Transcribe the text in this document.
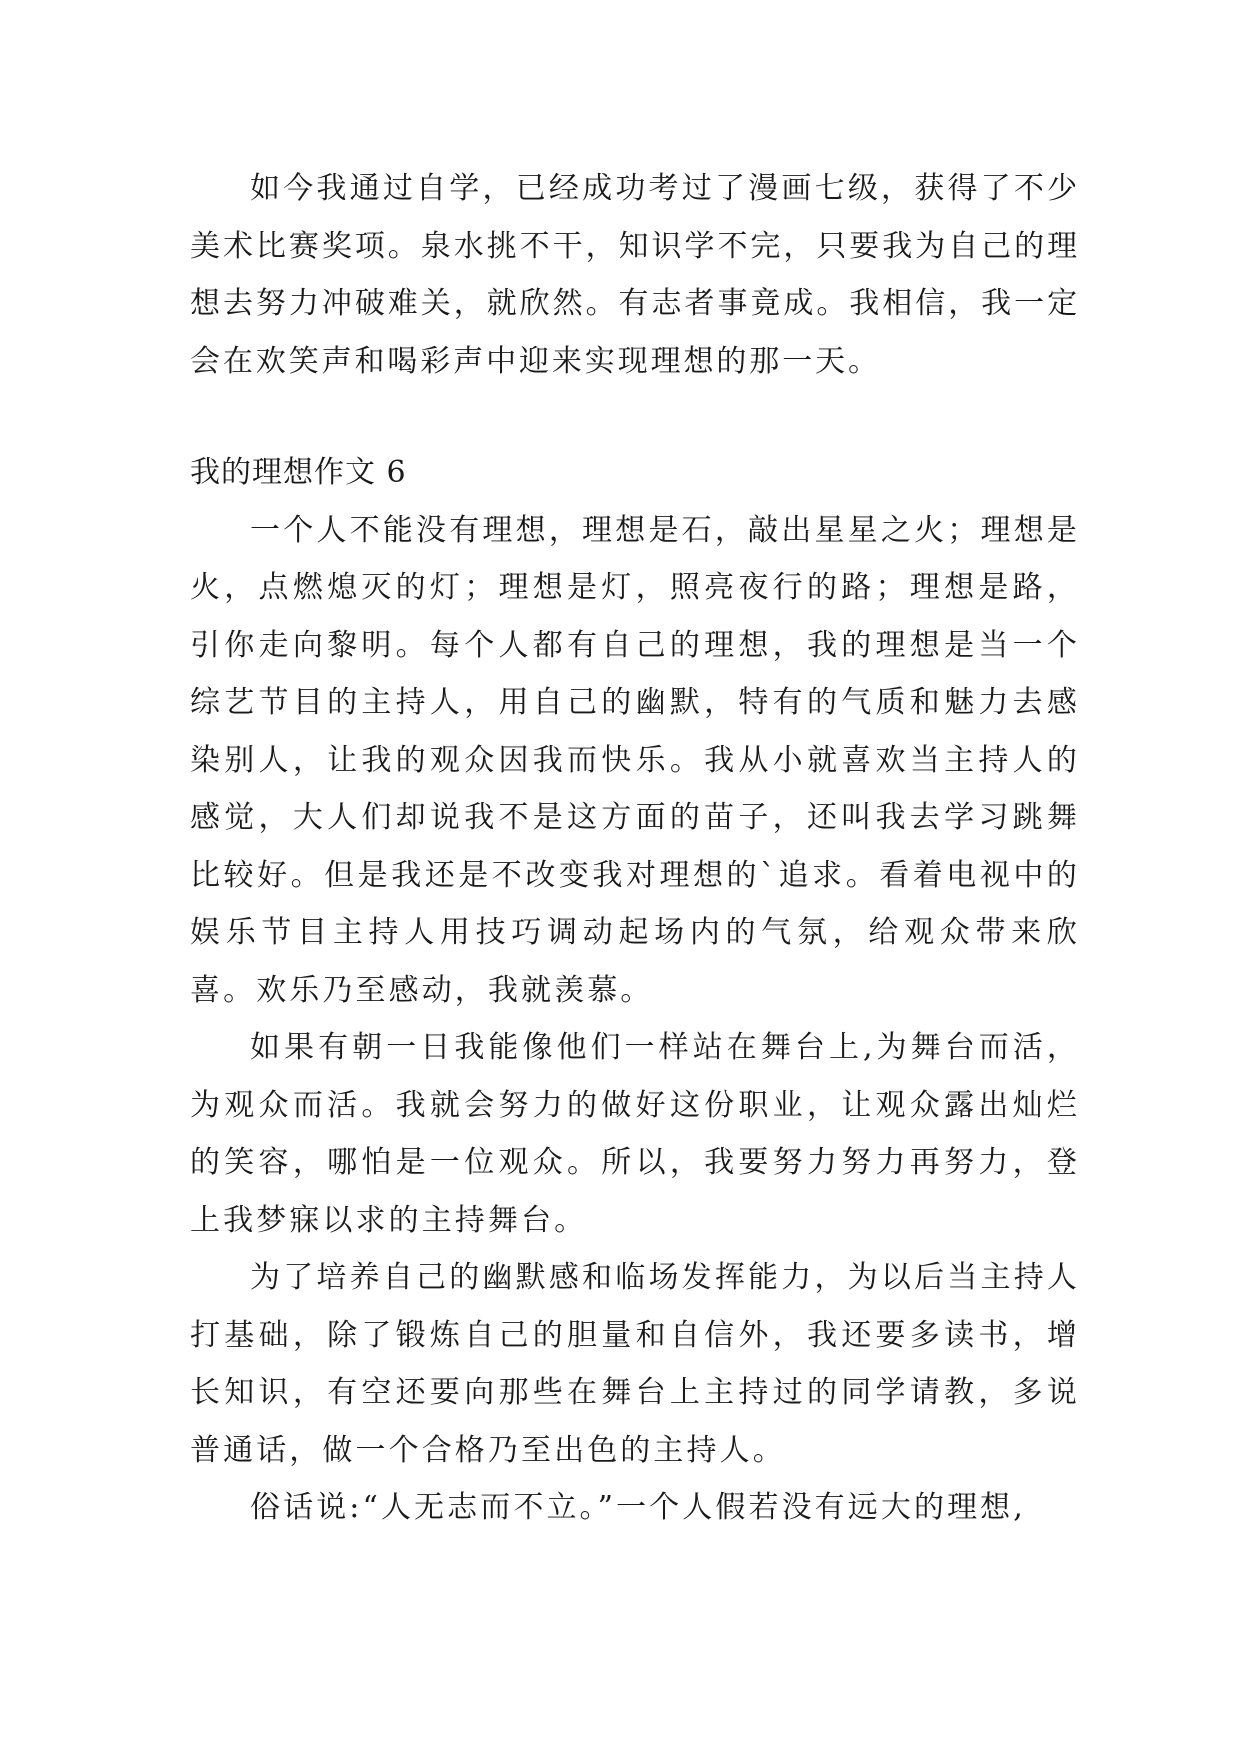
如今我通过自学，已经成功考过了漫画七级，获得了不少美术比赛奖项。泉水挑不干，知识学不完，只要我为自己的理想去努力冲破难关，就欣然。有志者事竟成。我相信，我一定会在欢笑声和喝彩声中迎来实现理想的那一天。

我的理想作文 6

一个人不能没有理想，理想是石，敲出星星之火；理想是火，点燃熄灭的灯；理想是灯，照亮夜行的路；理想是路，引你走向黎明。每个人都有自己的理想，我的理想是当一个综艺节目的主持人，用自己的幽默，特有的气质和魅力去感染别人，让我的观众因我而快乐。我从小就喜欢当主持人的感觉，大人们却说我不是这方面的苗子，还叫我去学习跳舞比较好。但是我还是不改变我对理想的`追求。看着电视中的娱乐节目主持人用技巧调动起场内的气氛，给观众带来欣喜。欢乐乃至感动，我就羡慕。

如果有朝一日我能像他们一样站在舞台上,为舞台而活，为观众而活。我就会努力的做好这份职业，让观众露出灿烂的笑容，哪怕是一位观众。所以，我要努力努力再努力，登上我梦寐以求的主持舞台。

为了培养自己的幽默感和临场发挥能力，为以后当主持人打基础，除了锻炼自己的胆量和自信外，我还要多读书，增长知识，有空还要向那些在舞台上主持过的同学请教，多说普通话，做一个合格乃至出色的主持人。

俗话说:“人无志而不立。”一个人假若没有远大的理想,
